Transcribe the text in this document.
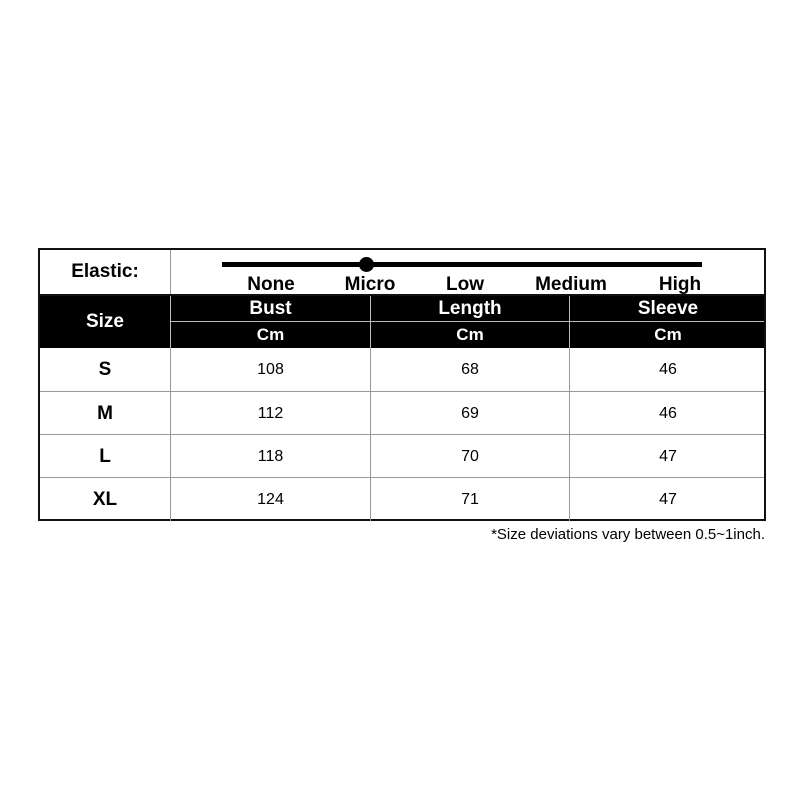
Elastic:
None	Micro	Low	Medium	High
Size
Bust	Length	Sleeve
Cm	Cm	Cm
S	108	68	46
M	112	69	46
L	118	70	47
XL	124	71	47
*Size deviations vary between 0.5~1inch.
